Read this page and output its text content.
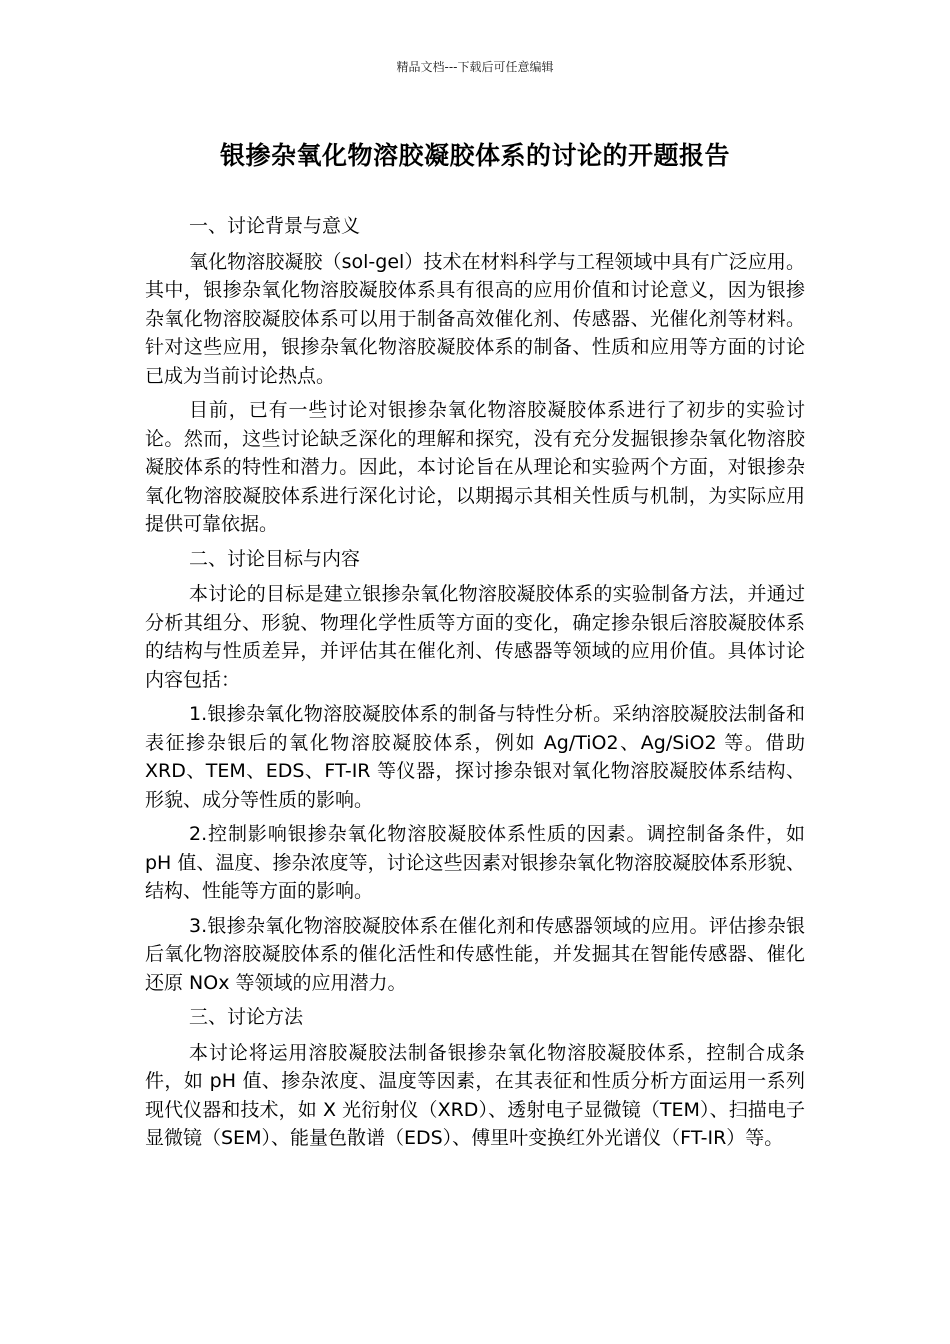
精品文档---下载后可任意编辑
银掺杂氧化物溶胶凝胶体系的讨论的开题报告

一、讨论背景与意义

氧化物溶胶凝胶（sol-gel）技术在材料科学与工程领域中具有广泛应用。其中，银掺杂氧化物溶胶凝胶体系具有很高的应用价值和讨论意义，因为银掺杂氧化物溶胶凝胶体系可以用于制备高效催化剂、传感器、光催化剂等材料。针对这些应用，银掺杂氧化物溶胶凝胶体系的制备、性质和应用等方面的讨论已成为当前讨论热点。

目前，已有一些讨论对银掺杂氧化物溶胶凝胶体系进行了初步的实验讨论。然而，这些讨论缺乏深化的理解和探究，没有充分发掘银掺杂氧化物溶胶凝胶体系的特性和潜力。因此，本讨论旨在从理论和实验两个方面，对银掺杂氧化物溶胶凝胶体系进行深化讨论，以期揭示其相关性质与机制，为实际应用提供可靠依据。

二、讨论目标与内容

本讨论的目标是建立银掺杂氧化物溶胶凝胶体系的实验制备方法，并通过分析其组分、形貌、物理化学性质等方面的变化，确定掺杂银后溶胶凝胶体系的结构与性质差异，并评估其在催化剂、传感器等领域的应用价值。具体讨论内容包括：

1.银掺杂氧化物溶胶凝胶体系的制备与特性分析。采纳溶胶凝胶法制备和表征掺杂银后的氧化物溶胶凝胶体系，例如 Ag/TiO2、Ag/SiO2 等。借助 XRD、TEM、EDS、FT-IR 等仪器，探讨掺杂银对氧化物溶胶凝胶体系结构、形貌、成分等性质的影响。

2.控制影响银掺杂氧化物溶胶凝胶体系性质的因素。调控制备条件，如 pH 值、温度、掺杂浓度等，讨论这些因素对银掺杂氧化物溶胶凝胶体系形貌、结构、性能等方面的影响。

3.银掺杂氧化物溶胶凝胶体系在催化剂和传感器领域的应用。评估掺杂银后氧化物溶胶凝胶体系的催化活性和传感性能，并发掘其在智能传感器、催化还原 NOx 等领域的应用潜力。

三、讨论方法

本讨论将运用溶胶凝胶法制备银掺杂氧化物溶胶凝胶体系，控制合成条件，如 pH 值、掺杂浓度、温度等因素，在其表征和性质分析方面运用一系列现代仪器和技术，如 X 光衍射仪（XRD）、透射电子显微镜（TEM）、扫描电子显微镜（SEM）、能量色散谱（EDS）、傅里叶变换红外光谱仪（FT-IR）等。
